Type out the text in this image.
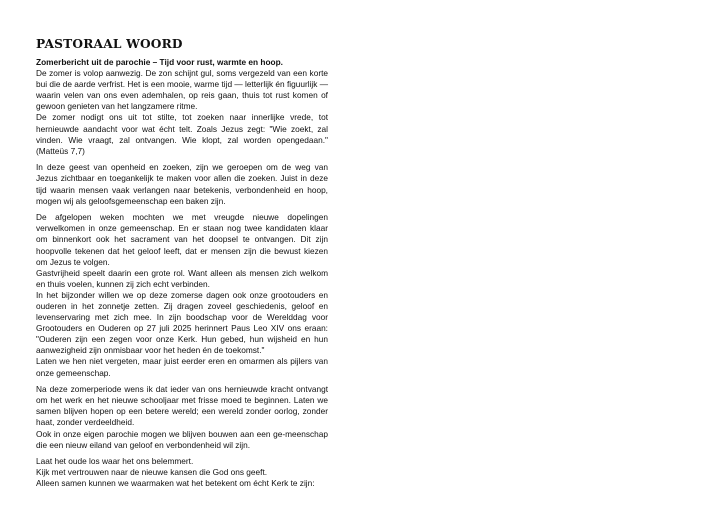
PASTORAAL WOORD

Zomerbericht uit de parochie – Tijd voor rust, warmte en hoop.

De zomer is volop aanwezig. De zon schijnt gul, soms vergezeld van een korte bui die de aarde verfrist. Het is een mooie, warme tijd — letterlijk én figuurlijk — waarin velen van ons even ademhalen, op reis gaan, thuis tot rust komen of gewoon genieten van het langzamere ritme.

De zomer nodigt ons uit tot stilte, tot zoeken naar innerlijke vrede, tot hernieuwde aandacht voor wat écht telt. Zoals Jezus zegt: "Wie zoekt, zal vinden. Wie vraagt, zal ontvangen. Wie klopt, zal worden opengedaan." (Matteüs 7,7)

In deze geest van openheid en zoeken, zijn we geroepen om de weg van Jezus zichtbaar en toegankelijk te maken voor allen die zoeken. Juist in deze tijd waarin mensen vaak verlangen naar betekenis, verbondenheid en hoop, mogen wij als geloofsgemeenschap een baken zijn.

De afgelopen weken mochten we met vreugde nieuwe dopelingen verwelkomen in onze gemeenschap. En er staan nog twee kandidaten klaar om binnenkort ook het sacrament van het doopsel te ontvangen. Dit zijn hoopvolle tekenen dat het geloof leeft, dat er mensen zijn die bewust kiezen om Jezus te volgen.

Gastvrijheid speelt daarin een grote rol. Want alleen als mensen zich welkom en thuis voelen, kunnen zij zich echt verbinden.

In het bijzonder willen we op deze zomerse dagen ook onze grootouders en ouderen in het zonnetje zetten. Zij dragen zoveel geschiedenis, geloof en levenservaring met zich mee. In zijn boodschap voor de Werelddag voor Grootouders en Ouderen op 27 juli 2025 herinnert Paus Leo XIV ons eraan: "Ouderen zijn een zegen voor onze Kerk. Hun gebed, hun wijsheid en hun aanwezigheid zijn onmisbaar voor het heden én de toekomst."

Laten we hen niet vergeten, maar juist eerder eren en omarmen als pijlers van onze gemeenschap.

Na deze zomerperiode wens ik dat ieder van ons hernieuwde kracht ontvangt om het werk en het nieuwe schooljaar met frisse moed te beginnen. Laten we samen blijven hopen op een betere wereld; een wereld zonder oorlog, zonder haat, zonder verdeeldheid.

Ook in onze eigen parochie mogen we blijven bouwen aan een ge-meenschap die een nieuw eiland van geloof en verbondenheid wil zijn.

Laat het oude los waar het ons belemmert.

Kijk met vertrouwen naar de nieuwe kansen die God ons geeft.

Alleen samen kunnen we waarmaken wat het betekent om écht Kerk te zijn:
